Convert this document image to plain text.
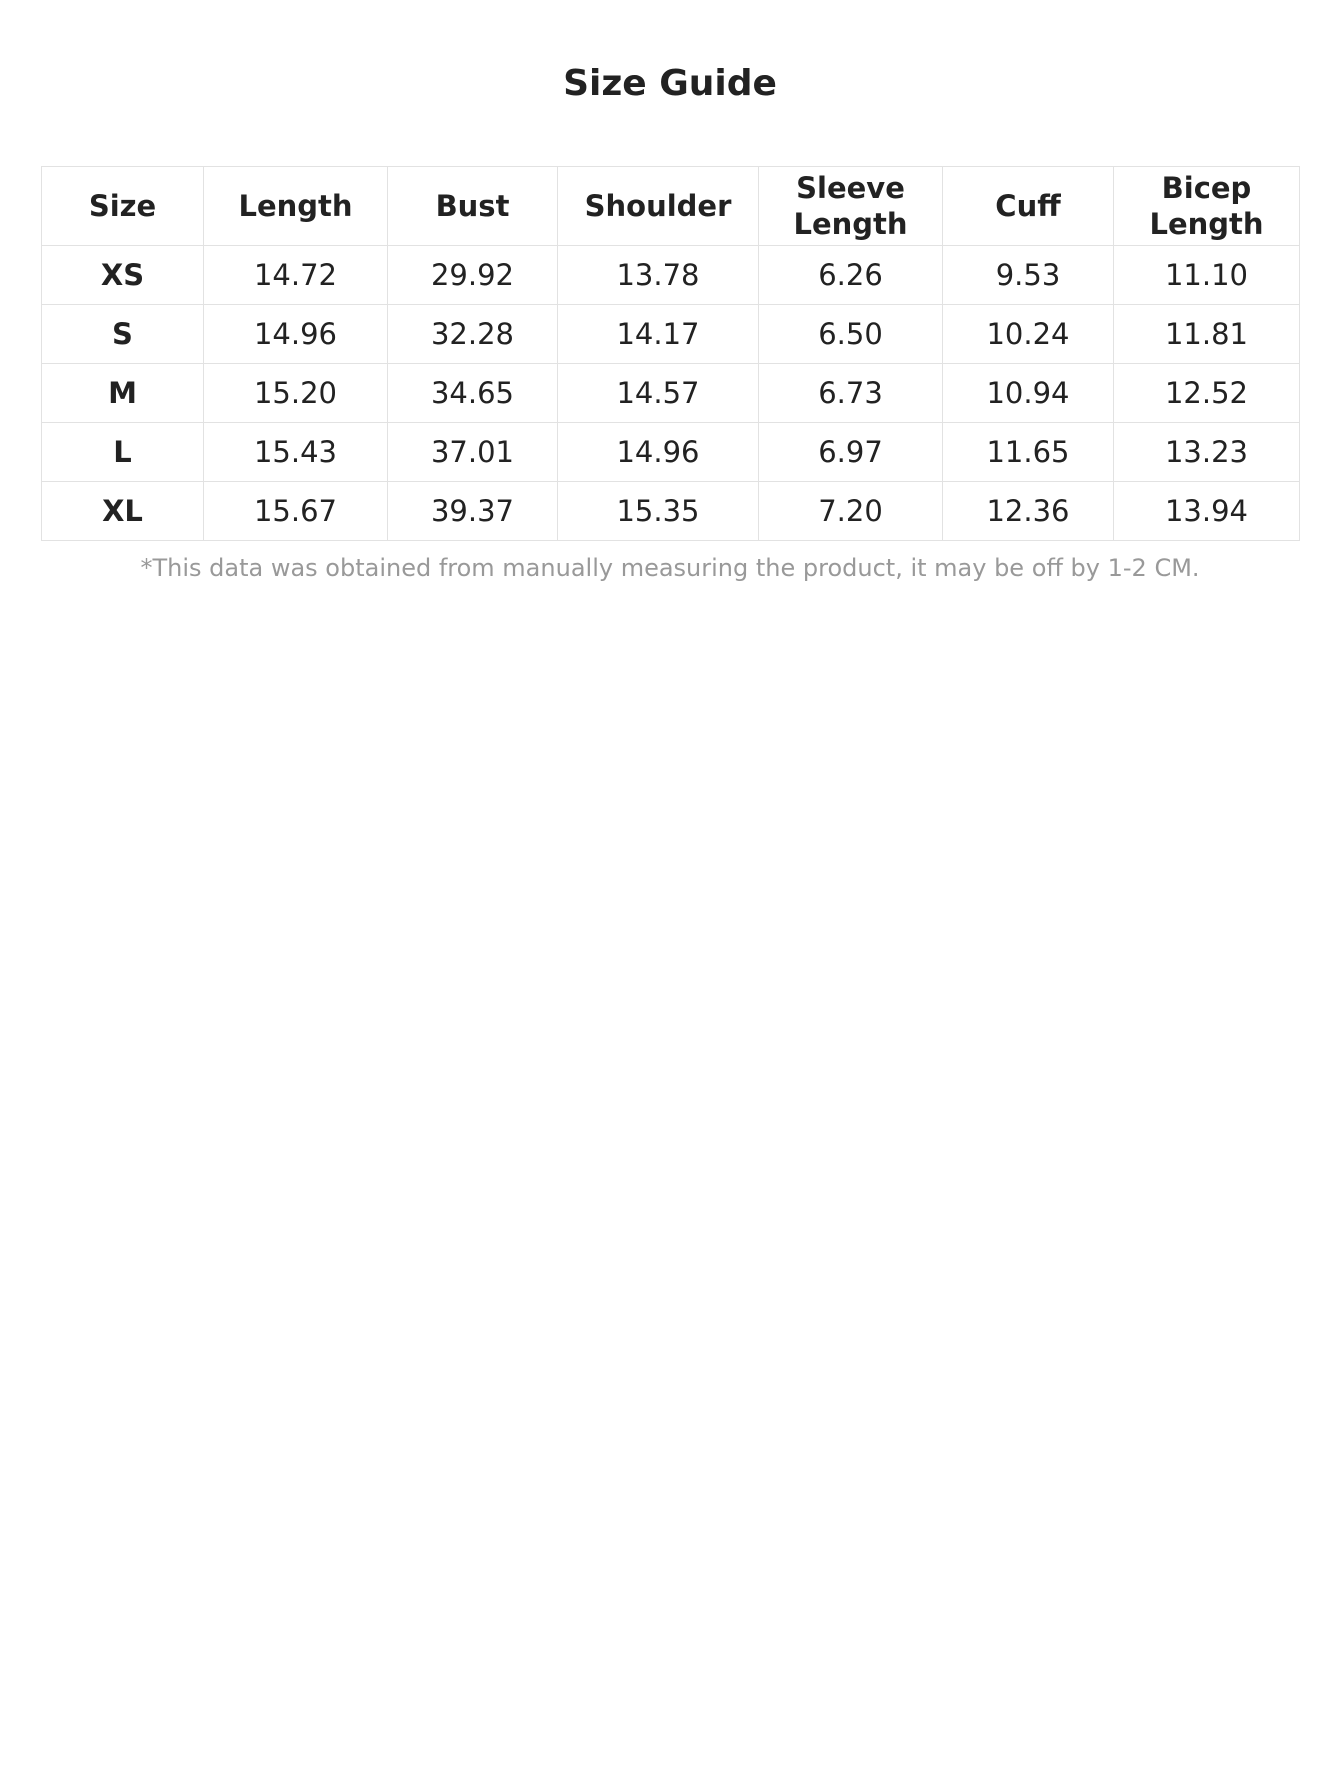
Size Guide
Size	Length	Bust	Shoulder	Sleeve Length	Cuff	Bicep Length
XS	14.72	29.92	13.78	6.26	9.53	11.10
S	14.96	32.28	14.17	6.50	10.24	11.81
M	15.20	34.65	14.57	6.73	10.94	12.52
L	15.43	37.01	14.96	6.97	11.65	13.23
XL	15.67	39.37	15.35	7.20	12.36	13.94

*This data was obtained from manually measuring the product, it may be off by 1-2 CM.
